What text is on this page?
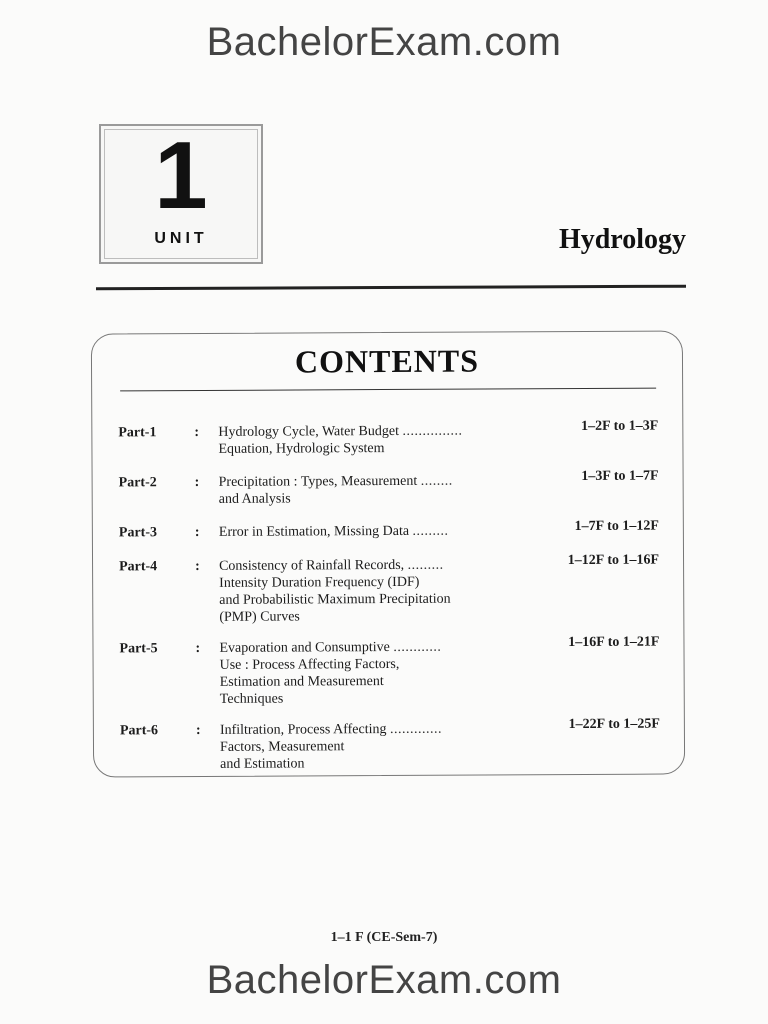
BachelorExam.com
1
UNIT	Hydrology
CONTENTS
Part-1	: Hydrology Cycle, Water Budget ...............
Equation, Hydrologic System
1–2F to 1–3F
Part-2	: Precipitation : Types, Measurement ........
and Analysis
1–3F to 1–7F
Part-3	: Error in Estimation, Missing Data .........	1–7F to 1–12F
Part-4	: Consistency of Rainfall Records, .........
Intensity Duration Frequency (IDF)
and Probabilistic Maximum Precipitation
(PMP) Curves
1–12F to 1–16F
Part-5	: Evaporation and Consumptive ............
Use : Process Affecting Factors,
Estimation and Measurement
Techniques
1–16F to 1–21F
Part-6	: Infiltration, Process Affecting .............
Factors, Measurement
and Estimation
1–22F to 1–25F
1–1 F (CE-Sem-7)
BachelorExam.com
